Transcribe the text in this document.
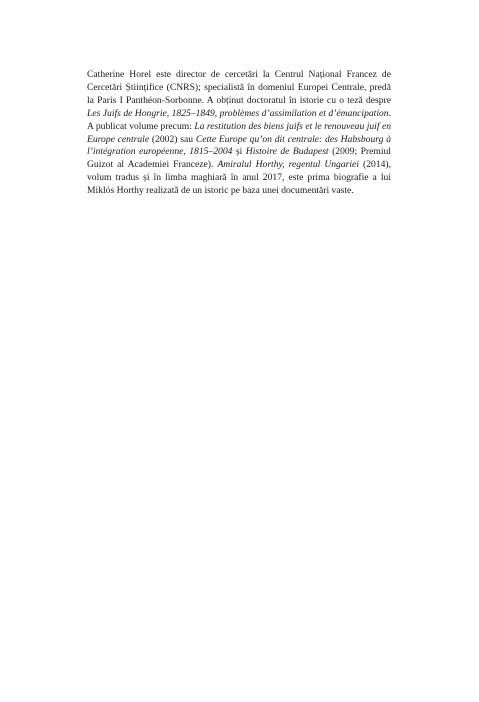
Catherine Horel este director de cercetări la Centrul Național Francez de Cercetări Științifice (CNRS); specialistă în domeniul Europei Centrale, predă la Paris I Panthéon-Sorbonne. A obținut doctoratul în istorie cu o teză despre Les Juifs de Hongrie, 1825–1849, problèmes d’assimilation et d’émancipation. A publicat volume precum: La restitution des biens juifs et le renouveau juif en Europe centrale (2002) sau Cette Europe qu’on dit centrale: des Habsbourg à l’intégration européenne, 1815–2004 și Histoire de Budapest (2009; Premiul Guizot al Academiei Franceze). Amiralul Horthy, regentul Ungariei (2014), volum tradus și în limba maghiară în anul 2017, este prima biografie a lui Miklós Horthy realizată de un istoric pe baza unei documentări vaste.
